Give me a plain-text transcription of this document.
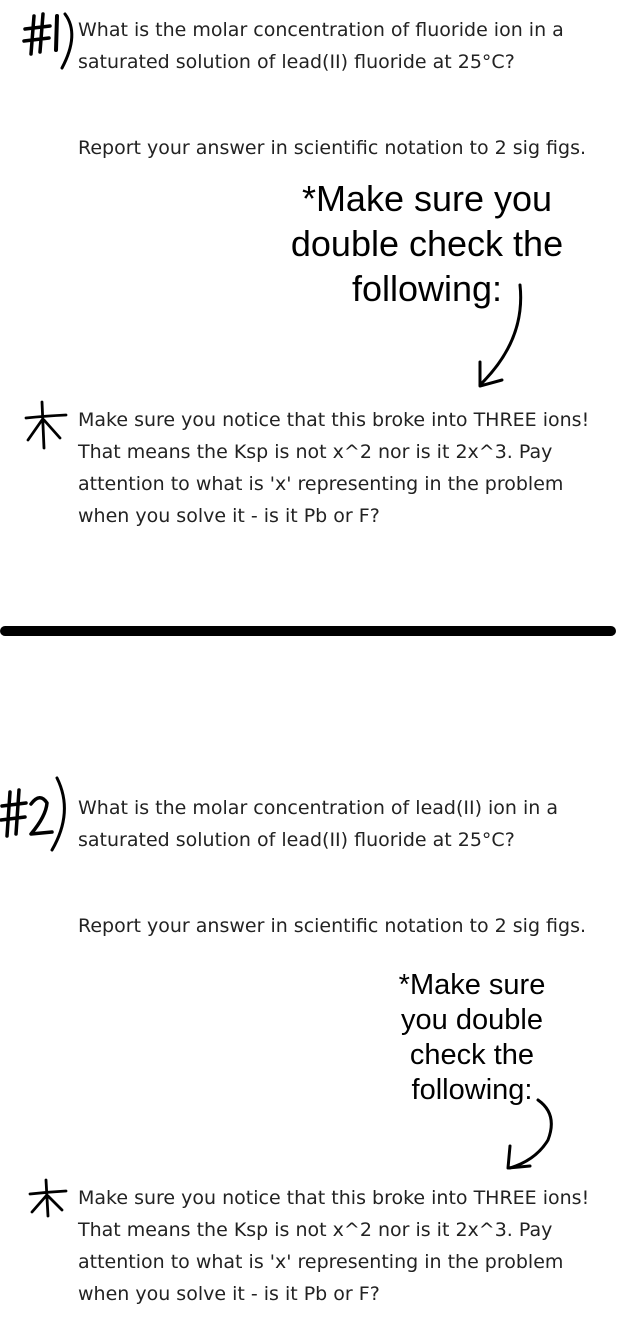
What is the molar concentration of fluoride ion in a saturated solution of lead(II) fluoride at 25°C?
Report your answer in scientific notation to 2 sig figs.
*Make sure you double check the following:
Make sure you notice that this broke into THREE ions! That means the Ksp is not x^2 nor is it 2x^3. Pay attention to what is 'x' representing in the problem when you solve it - is it Pb or F?
What is the molar concentration of lead(II) ion in a saturated solution of lead(II) fluoride at 25°C?
Report your answer in scientific notation to 2 sig figs.
*Make sure you double check the following:
Make sure you notice that this broke into THREE ions! That means the Ksp is not x^2 nor is it 2x^3. Pay attention to what is 'x' representing in the problem when you solve it - is it Pb or F?
